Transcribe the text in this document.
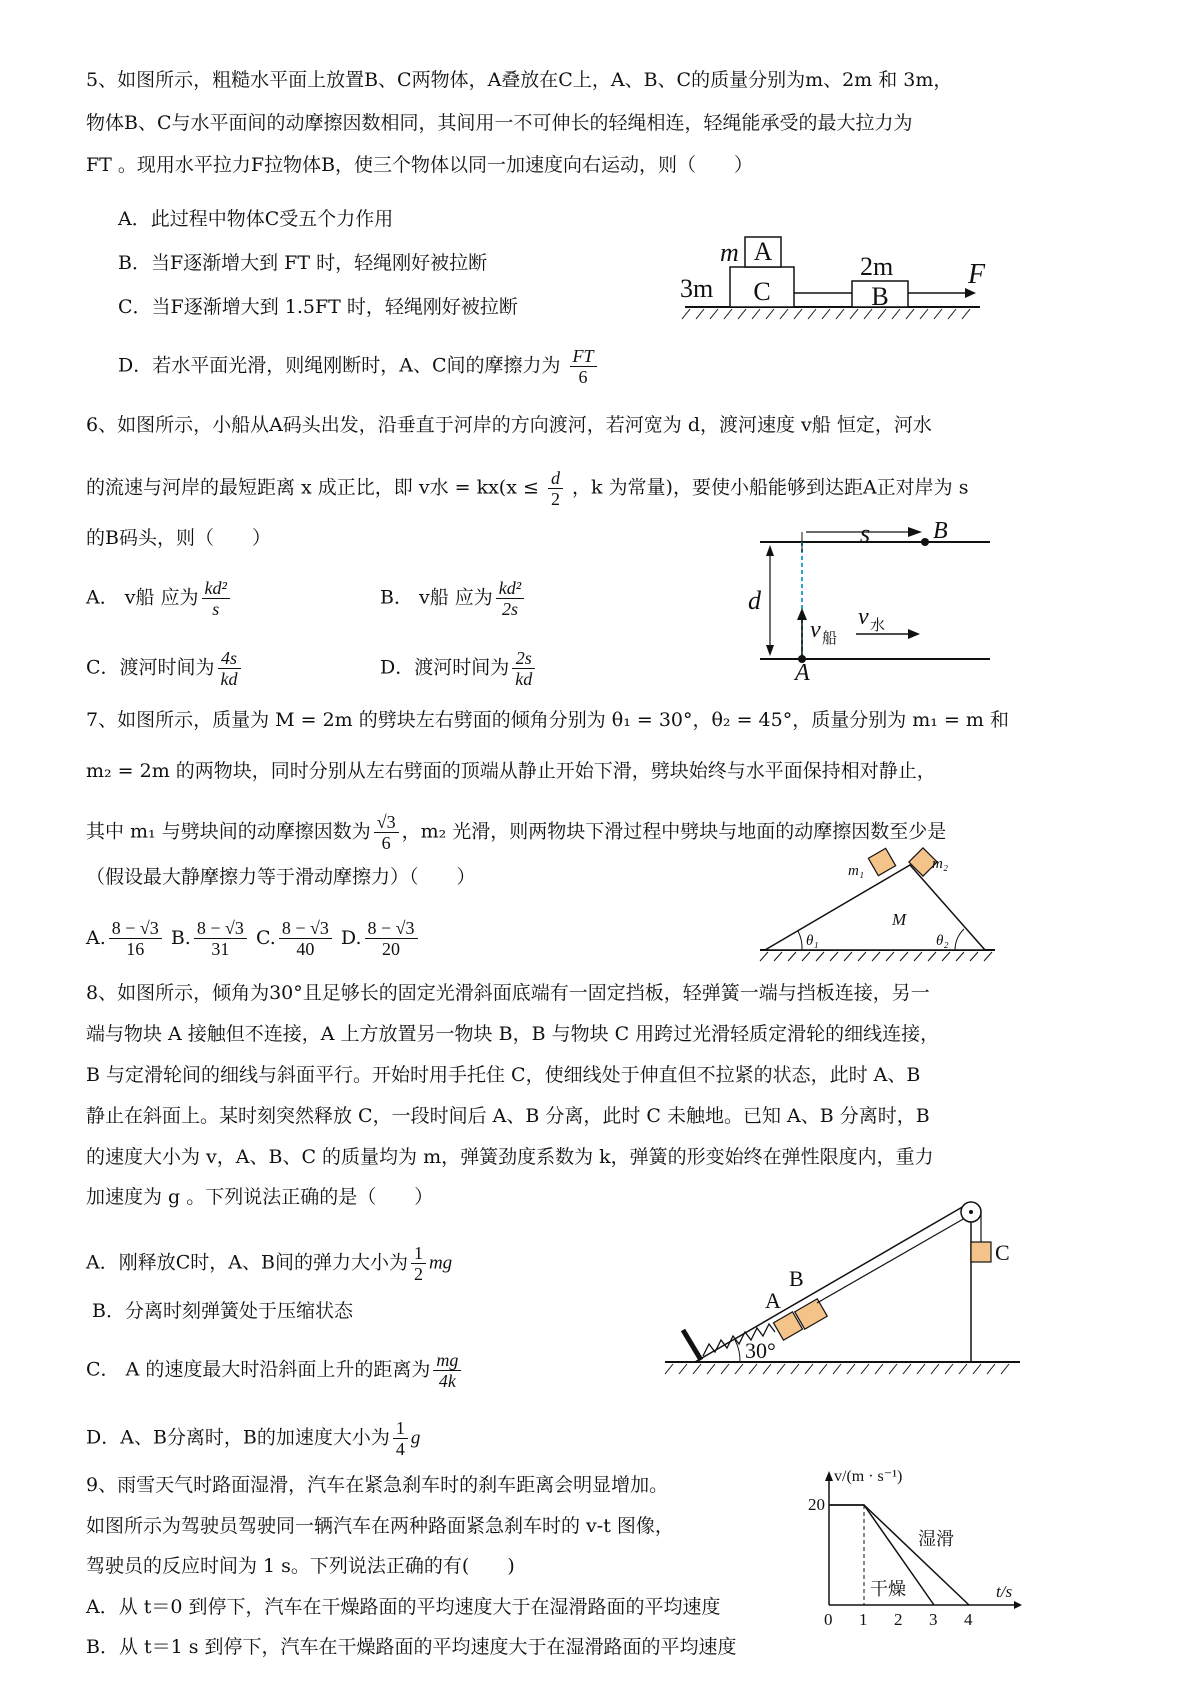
5、如图所示，粗糙水平面上放置B、C两物体，A叠放在C上，A、B、C的质量分别为m、2m 和 3m，
物体B、C与水平面间的动摩擦因数相同，其间用一不可伸长的轻绳相连，轻绳能承受的最大拉力为
FT 。现用水平拉力F拉物体B，使三个物体以同一加速度向右运动，则（　　）
A．此过程中物体C受五个力作用
B．当F逐渐增大到 FT 时，轻绳刚好被拉断
C．当F逐渐增大到 1.5FT 时，轻绳刚好被拉断
D．若水平面光滑，则绳刚断时，A、C间的摩擦力为 $\frac{FT}{6}$
A
C	B
m
3m
2m	F
6、如图所示，小船从A码头出发，沿垂直于河岸的方向渡河，若河宽为 d，渡河速度 v船 恒定，河水
的流速与河岸的最短距离 x 成正比，即 v水 = $kx(x \le \frac{d}{2}$ ，k 为常量)，要使小船能够到达距A正对岸为 s
的B码头，则（　　）
A． v船 应为 $\frac{\text{kd²}}{s}$	B． v船 应为 $\frac{\text{kd²}}{2s}$
C．渡河时间为 $\frac{4s}{kd}$	D．渡河时间为 $\frac{2s}{kd}$
s	B
d
v 船
v 水
A
7、如图所示，质量为 M = 2m 的劈块左右劈面的倾角分别为 θ₁ = 30°，θ₂ = 45°，质量分别为 m₁ = m 和
m₂ = 2m 的两物块，同时分别从左右劈面的顶端从静止开始下滑，劈块始终与水平面保持相对静止，
其中 m₁ 与劈块间的动摩擦因数为 $\frac{√3}{6}$ ，m₂ 光滑，则两物块下滑过程中劈块与地面的动摩擦因数至少是
（假设最大静摩擦力等于滑动摩擦力）（　　）
A. $\frac{8 - √3}{16} B$. $\frac{8 - √3}{31} C$. $\frac{8 - √3}{40} D$. $\frac{8 - √3}{20}$
m₁	m₂
M
θ₁	θ₂
8、如图所示，倾角为30°且足够长的固定光滑斜面底端有一固定挡板，轻弹簧一端与挡板连接，另一
端与物块 A 接触但不连接，A 上方放置另一物块 B，B 与物块 C 用跨过光滑轻质定滑轮的细线连接，
B 与定滑轮间的细线与斜面平行。开始时用手托住 C，使细线处于伸直但不拉紧的状态，此时 A、B
静止在斜面上。某时刻突然释放 C，一段时间后 A、B 分离，此时 C 未触地。已知 A、B 分离时，B
的速度大小为 v，A、B、C 的质量均为 m，弹簧劲度系数为 k，弹簧的形变始终在弹性限度内，重力
加速度为 g 。下列说法正确的是（　　）
A．刚释放C时，A、B间的弹力大小为 $\frac{1}{2}$ mg
B．分离时刻弹簧处于压缩状态
C． A 的速度最大时沿斜面上升的距离为 $\frac{mg}{4k}$
D．A、B分离时，B的加速度大小为 $\frac{1}{4}$ g
A
B
C
30°
9、雨雪天气时路面湿滑，汽车在紧急刹车时的刹车距离会明显增加。
如图所示为驾驶员驾驶同一辆汽车在两种路面紧急刹车时的 v-t 图像，
驾驶员的反应时间为 1 s。下列说法正确的有(　　)
A．从 t＝0 到停下，汽车在干燥路面的平均速度大于在湿滑路面的平均速度
B．从 t＝1 s 到停下，汽车在干燥路面的平均速度大于在湿滑路面的平均速度
v/(m · s⁻¹)
t/s
20
0 1 2 3 4
湿滑
干燥
